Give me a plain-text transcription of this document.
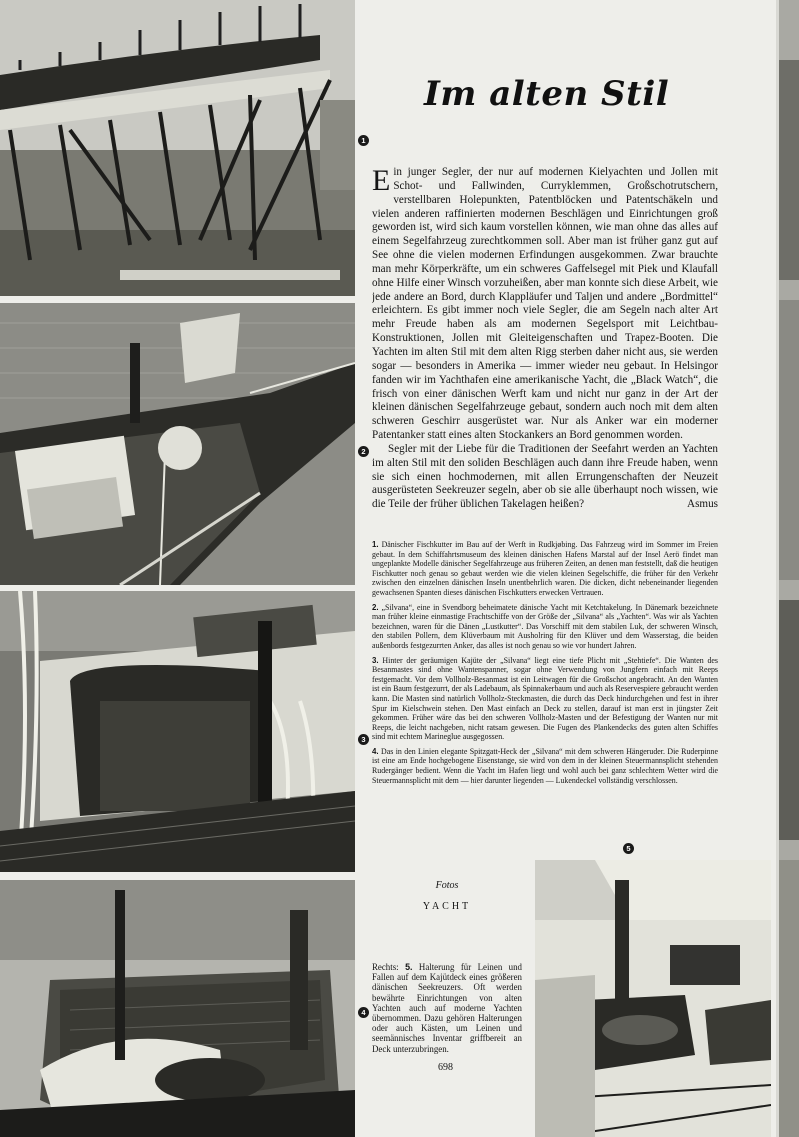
1
2
3
4
5
Im alten Stil

Ein junger Segler, der nur auf modernen Kielyachten und Jollen mit Schot- und Fallwinden, Curryklemmen, Großschotrutschern, verstellbaren Holepunkten, Patentblöcken und Patentschäkeln und vielen anderen raffinierten modernen Beschlägen und Einrichtungen groß geworden ist, wird sich kaum vorstellen können, wie man ohne das alles auf einem Segelfahrzeug zurechtkommen soll. Aber man ist früher ganz gut auf See ohne die vielen modernen Erfindungen ausgekommen. Zwar brauchte man mehr Körperkräfte, um ein schweres Gaffelsegel mit Piek und Klaufall ohne Hilfe einer Winsch vorzuheißen, aber man konnte sich diese Arbeit, wie jede andere an Bord, durch Klappläufer und Taljen und andere „Bordmittel“ erleichtern. Es gibt immer noch viele Segler, die am Segeln nach alter Art mehr Freude haben als am modernen Segelsport mit Leichtbau-Konstruktionen, Jollen mit Gleiteigenschaften und Trapez-Booten. Die Yachten im alten Stil mit dem alten Rigg sterben daher nicht aus, sie werden sogar — besonders in Amerika — immer wieder neu gebaut. In Helsingor fanden wir im Yachthafen eine amerikanische Yacht, die „Black Watch“, die frisch von einer dänischen Werft kam und nicht nur ganz in der Art der kleinen dänischen Segelfahrzeuge gebaut, sondern auch noch mit dem alten schweren Geschirr ausgerüstet war. Nur als Anker war ein moderner Patentanker statt eines alten Stockankers an Bord genommen worden.

Segler mit der Liebe für die Traditionen der Seefahrt werden an Yachten im alten Stil mit den soliden Beschlägen auch dann ihre Freude haben, wenn sie sich einen hochmodernen, mit allen Errungenschaften der Neuzeit ausgerüsteten Seekreuzer segeln, aber ob sie alle überhaupt noch wissen, wie die Teile der früher üblichen Takelagen heißen?	Asmus

1. Dänischer Fischkutter im Bau auf der Werft in Rudkjøbing. Das Fahrzeug wird im Sommer im Freien gebaut. In dem Schiffahrtsmuseum des kleinen dänischen Hafens Marstal auf der Insel Aerö findet man ungeplankte Modelle dänischer Segelfahrzeuge aus früheren Zeiten, an denen man feststellt, daß die heutigen Fischkutter noch genau so gebaut werden wie die vielen kleinen Segelschiffe, die früher für den Verkehr zwischen den einzelnen dänischen Inseln unentbehrlich waren. Die dicken, dicht nebeneinander liegenden gewachsenen Spanten dieses dänischen Fischkutters erwecken Vertrauen.

2. „Silvana“, eine in Svendborg beheimatete dänische Yacht mit Ketchtakelung. In Dänemark bezeichnete man früher kleine einmastige Frachtschiffe von der Größe der „Silvana“ als „Yachten“. Was wir als Yachten bezeichnen, waren für die Dänen „Lustkutter“. Das Vorschiff mit dem stabilen Luk, der schweren Winsch, den stabilen Pollern, dem Klüverbaum mit Ausholring für den Klüver und dem Wasserstag, die beiden außenbords festgezurrten Anker, das alles ist noch genau so wie vor hundert Jahren.

3. Hinter der geräumigen Kajüte der „Silvana“ liegt eine tiefe Plicht mit „Stehtiefe“. Die Wanten des Besanmastes sind ohne Wantenspanner, sogar ohne Verwendung von Jungfern einfach mit Reeps festgemacht. Vor dem Vollholz-Besanmast ist ein Leitwagen für die Großschot angebracht. An den Wanten ist ein Baum festgezurrt, der als Ladebaum, als Spinnakerbaum und auch als Reservespiere gebraucht werden kann. Die Masten sind natürlich Vollholz-Steckmasten, die durch das Deck hindurchgehen und fest in ihrer Spur im Kielschwein stehen. Den Mast einfach an Deck zu stellen, darauf ist man erst in jüngster Zeit gekommen. Früher wäre das bei den schweren Vollholz-Masten und der Befestigung der Wanten nur mit Reeps, die leicht nachgeben, nicht ratsam gewesen. Die Fugen des Plankendecks des guten alten Schiffes sind mit echtem Marineglue ausgegossen.

4. Das in den Linien elegante Spitzgatt-Heck der „Silvana“ mit dem schweren Hängeruder. Die Ruderpinne ist eine am Ende hochgebogene Eisenstange, sie wird von dem in der kleinen Steuermannsplicht stehenden Rudergänger bedient. Wenn die Yacht im Hafen liegt und wohl auch bei ganz schlechtem Wetter wird die Steuermannsplicht mit dem — hier darunter liegenden — Lukendeckel vollständig verschlossen.

Fotos
YACHT
Rechts: 5. Halterung für Leinen und Fallen auf dem Kajütdeck eines größeren dänischen Seekreuzers. Oft werden bewährte Einrichtungen von alten Yachten auch auf moderne Yachten übernommen. Dazu gehören Halterungen oder auch Kästen, um Leinen und seemännisches Inventar griffbereit an Deck unterzubringen.
698
